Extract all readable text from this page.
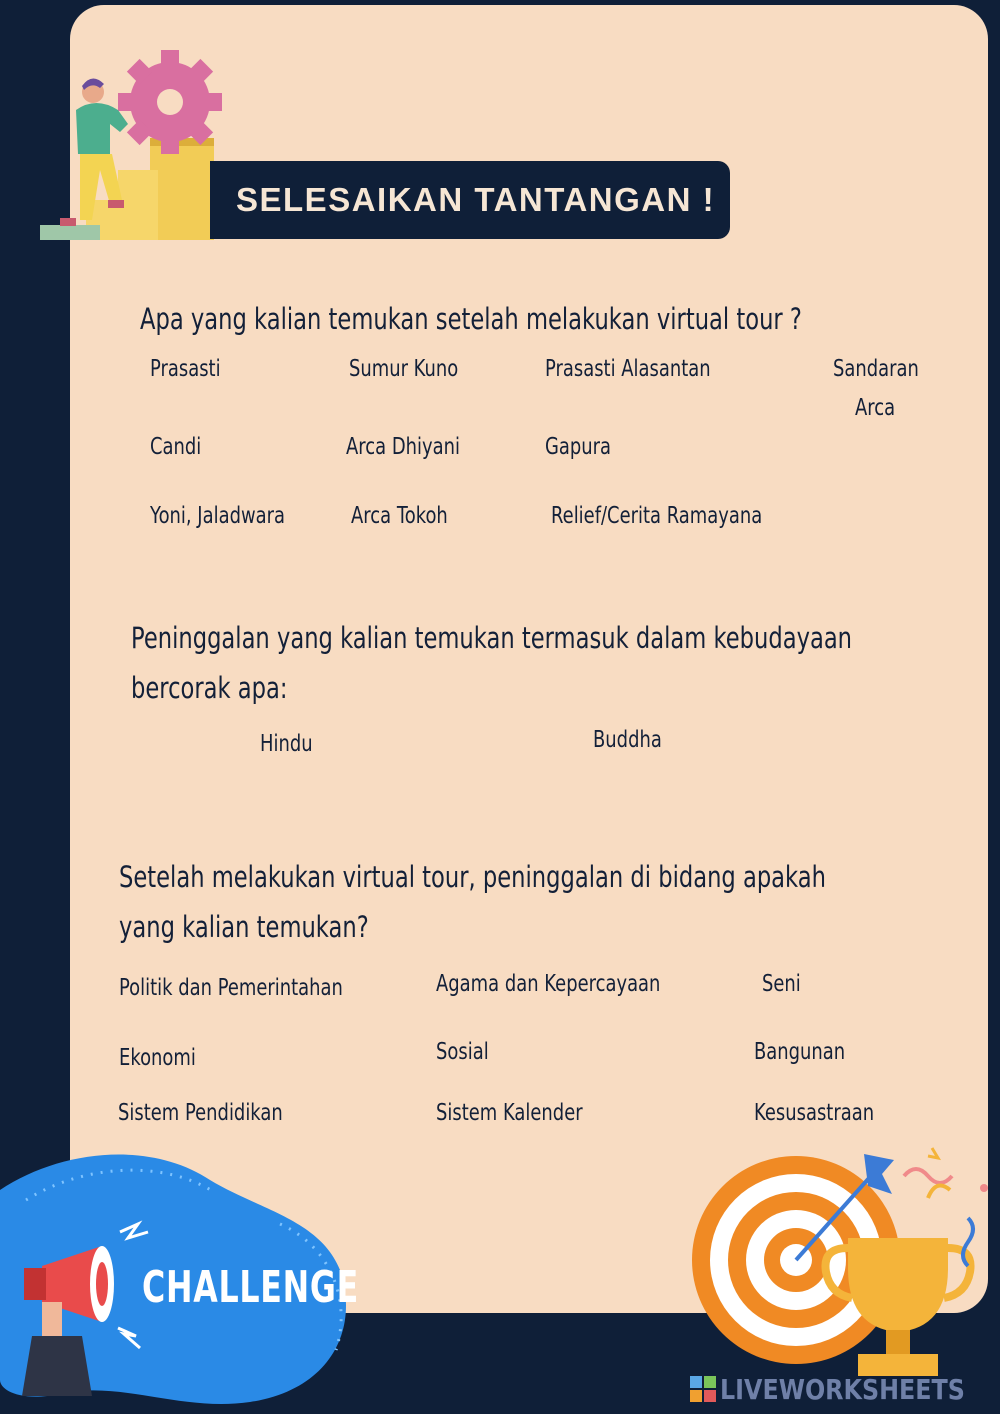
SELESAIKAN TANTANGAN !
Apa yang kalian temukan setelah melakukan virtual tour ?
Prasasti	Sumur Kuno	Prasasti Alasantan	Sandaran
Arca
Candi	Arca Dhiyani	Gapura
Yoni, Jaladwara	Arca Tokoh	Relief/Cerita Ramayana
Peninggalan yang kalian temukan termasuk dalam kebudayaan
bercorak apa:
Hindu	Buddha
Setelah melakukan virtual tour, peninggalan di bidang apakah
yang kalian temukan?
Politik dan Pemerintahan	Agama dan Kepercayaan	Seni
Ekonomi	Sosial	Bangunan
Sistem Pendidikan	Sistem Kalender	Kesusastraan
CHALLENGE
LIVEWORKSHEETS
